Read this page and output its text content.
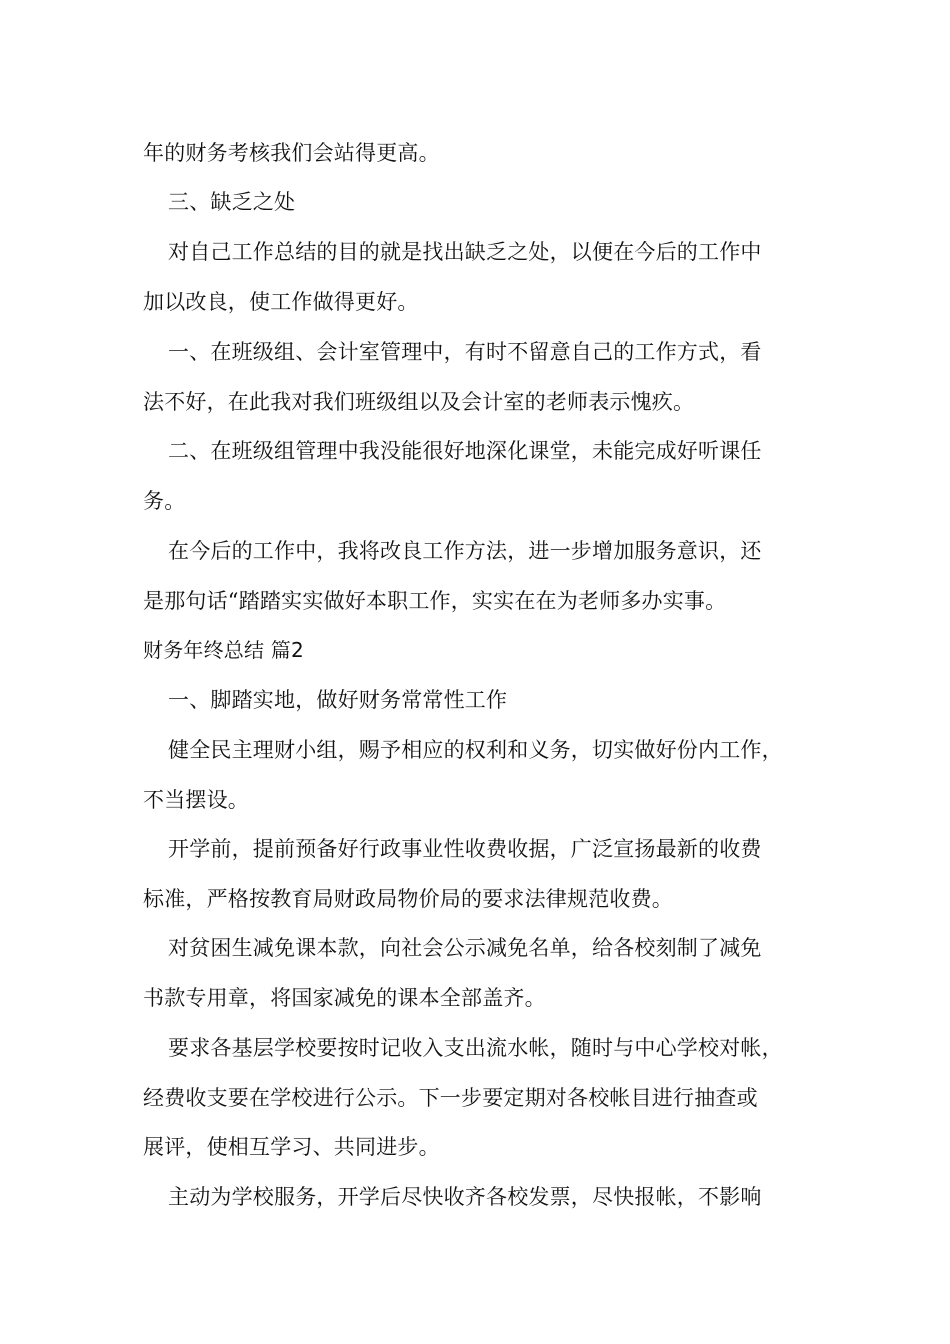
年的财务考核我们会站得更高。
三、缺乏之处
对自己工作总结的目的就是找出缺乏之处，以便在今后的工作中
加以改良，使工作做得更好。
一、在班级组、会计室管理中，有时不留意自己的工作方式，看
法不好，在此我对我们班级组以及会计室的老师表示愧疚。
二、在班级组管理中我没能很好地深化课堂，未能完成好听课任
务。
在今后的工作中，我将改良工作方法，进一步增加服务意识，还
是那句话“踏踏实实做好本职工作，实实在在为老师多办实事。
财务年终总结 篇2
一、脚踏实地，做好财务常常性工作
健全民主理财小组，赐予相应的权利和义务，切实做好份内工作，
不当摆设。
开学前，提前预备好行政事业性收费收据，广泛宣扬最新的收费
标准，严格按教育局财政局物价局的要求法律规范收费。
对贫困生减免课本款，向社会公示减免名单，给各校刻制了减免
书款专用章，将国家减免的课本全部盖齐。
要求各基层学校要按时记收入支出流水帐，随时与中心学校对帐，
经费收支要在学校进行公示。下一步要定期对各校帐目进行抽查或
展评，使相互学习、共同进步。
主动为学校服务，开学后尽快收齐各校发票，尽快报帐，不影响
